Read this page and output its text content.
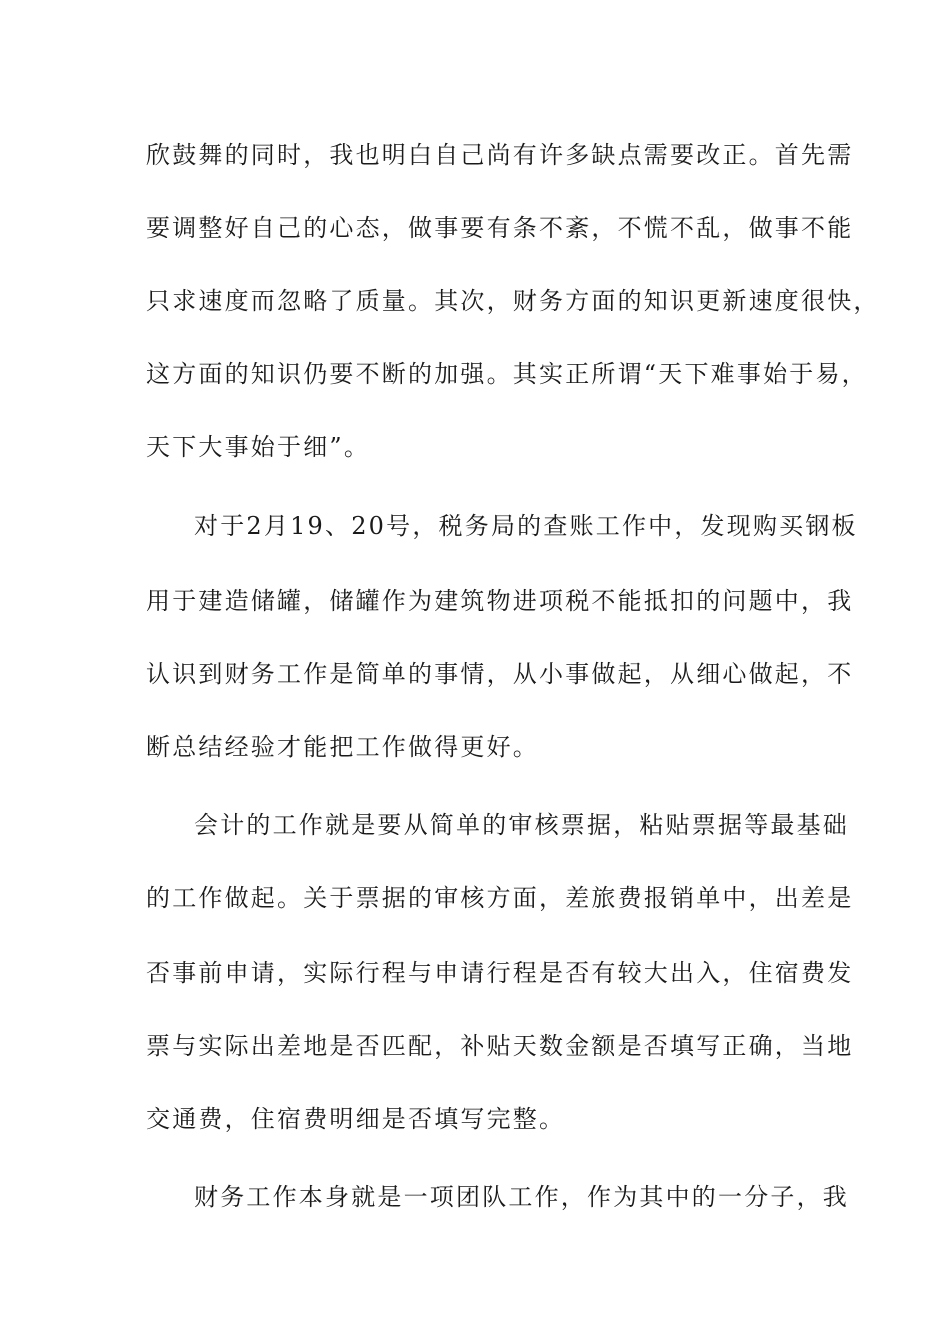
欣鼓舞的同时，我也明白自己尚有许多缺点需要改正。首先需

要调整好自己的心态，做事要有条不紊，不慌不乱，做事不能

只求速度而忽略了质量。其次，财务方面的知识更新速度很快，

这方面的知识仍要不断的加强。其实正所谓“天下难事始于易，

天下大事始于细”。

对于2月19、20号，税务局的查账工作中，发现购买钢板

用于建造储罐，储罐作为建筑物进项税不能抵扣的问题中，我

认识到财务工作是简单的事情，从小事做起，从细心做起，不

断总结经验才能把工作做得更好。

会计的工作就是要从简单的审核票据，粘贴票据等最基础

的工作做起。关于票据的审核方面，差旅费报销单中，出差是

否事前申请，实际行程与申请行程是否有较大出入，住宿费发

票与实际出差地是否匹配，补贴天数金额是否填写正确，当地

交通费，住宿费明细是否填写完整。

财务工作本身就是一项团队工作，作为其中的一分子，我
